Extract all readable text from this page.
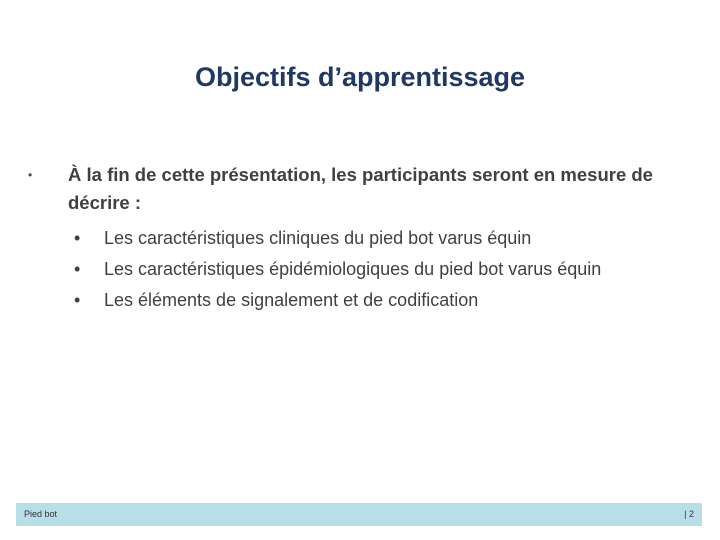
Objectifs d’apprentissage
•	À la fin de cette présentation, les participants seront en mesure de décrire :
•	Les caractéristiques cliniques du pied bot varus équin
•	Les caractéristiques épidémiologiques du pied bot varus équin
•	Les éléments de signalement et de codification
Pied bot	| 2
